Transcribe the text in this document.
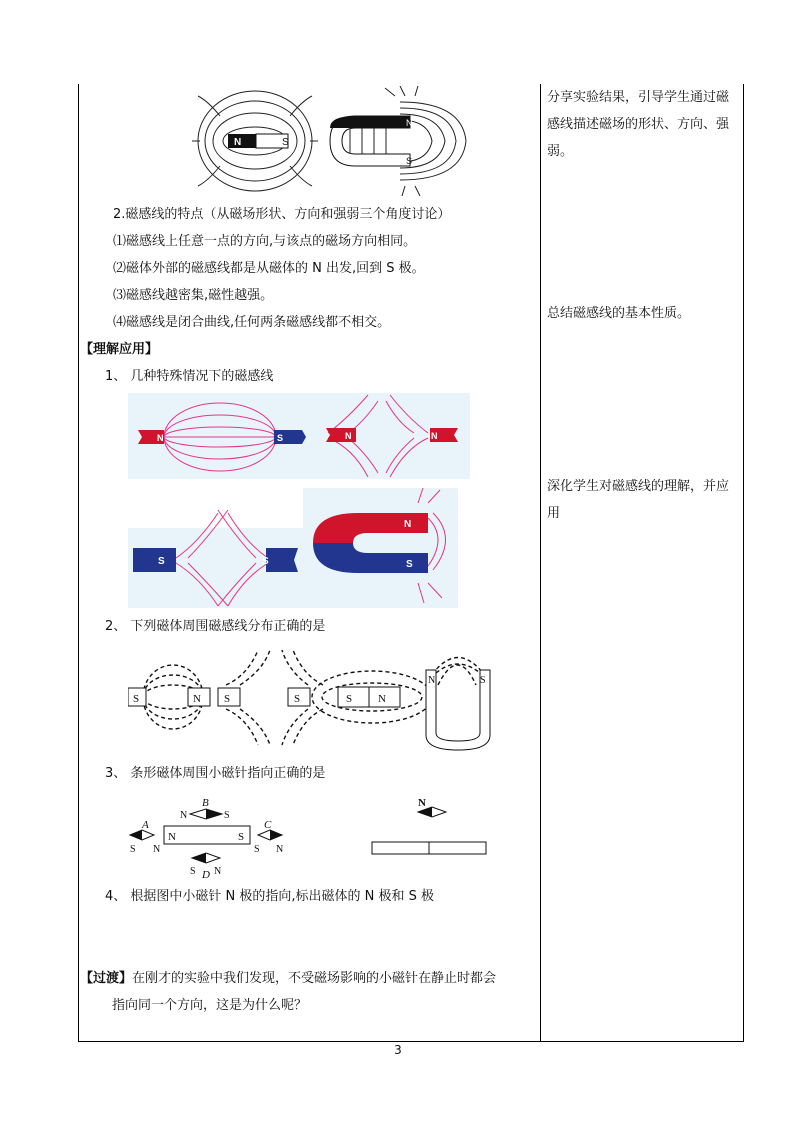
N	S
N
S
2.磁感线的特点（从磁场形状、方向和强弱三个角度讨论）
⑴磁感线上任意一点的方向,与该点的磁场方向相同。
⑵磁体外部的磁感线都是从磁体的 N 出发,回到 S 极。
⑶磁感线越密集,磁性越强。
⑷磁感线是闭合曲线,任何两条磁感线都不相交。
【理解应用】
1、 几种特殊情况下的磁感线
N	S	N	N
S	S
N
S
2、 下列磁体周围磁感线分布正确的是
S	N S	S	S N
N	S
3、 条形磁体周围小磁针指向正确的是
N	S
N	S
B
A
S N
C
S N
S D N
N
4、 根据图中小磁针 N 极的指向,标出磁体的 N 极和 S 极
【过渡】在刚才的实验中我们发现，不受磁场影响的小磁针在静止时都会
指向同一个方向，这是为什么呢？
分享实验结果，引导学生通过磁感线描述磁场的形状、方向、强弱。
总结磁感线的基本性质。
深化学生对磁感线的理解，并应用
3
